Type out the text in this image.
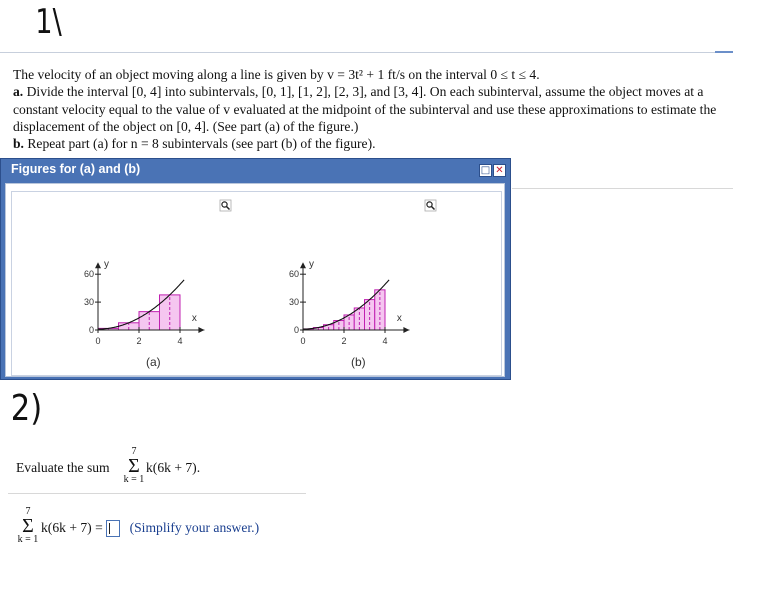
1\

The velocity of an object moving along a line is given by v = 3t² + 1 ft/s on the interval 0 ≤ t ≤ 4.

a. Divide the interval [0, 4] into subintervals, [0, 1], [1, 2], [2, 3], and [3, 4]. On each subinterval, assume the object moves at a constant velocity equal to the value of v evaluated at the midpoint of the subinterval and use these approximations to estimate the displacement of the object on [0, 4]. (See part (a) of the figure.)

b. Repeat part (a) for n = 8 subintervals (see part (b) of the figure).

Figures for (a) and (b)	□ ✕
y
x
0
30
60
0	2	4
(a)
y
x
0
30
60
0	2	4
(b)
2)
Evaluate the sum
7
Σ
k = 1
k(6k + 7).
7
Σ
k = 1
k(6k + 7) = (Simplify your answer.)
